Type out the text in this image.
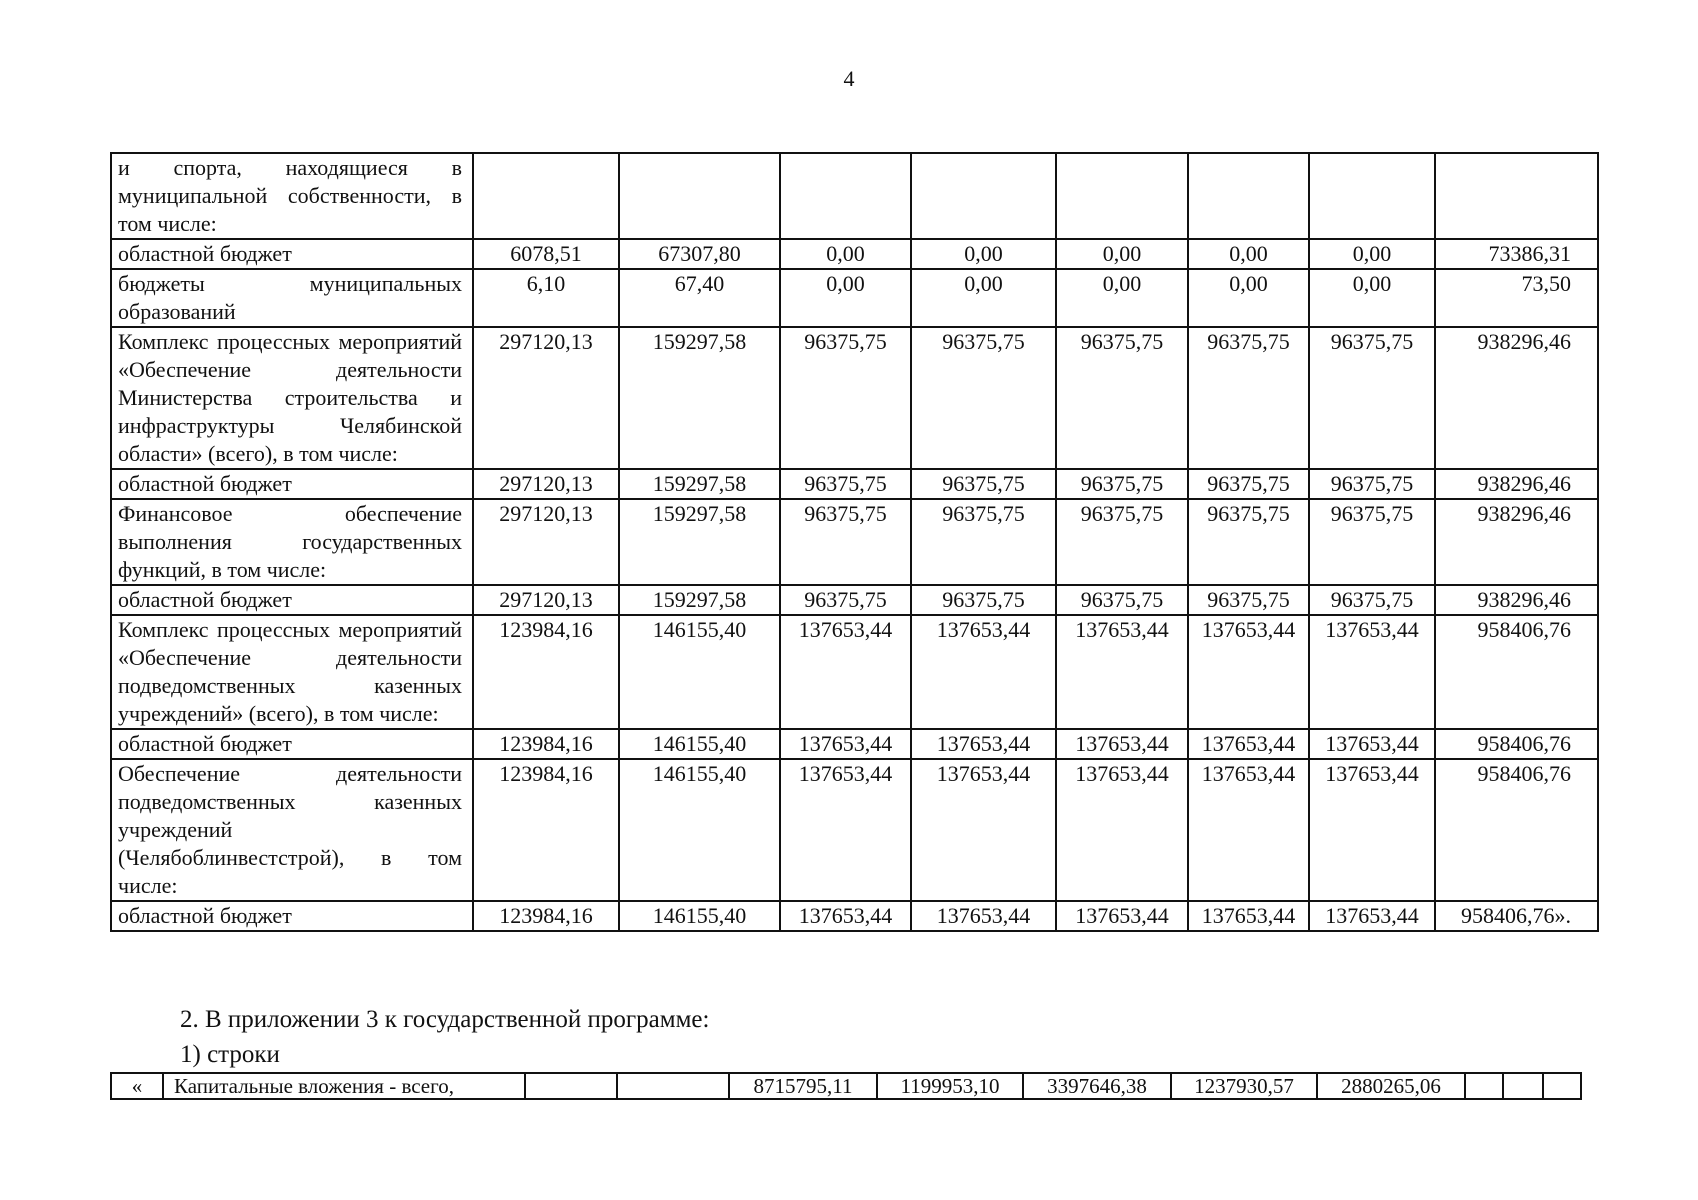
4
и спорта, находящиеся в муниципальной собственности, в том числе:								
областной бюджет	6078,51	67307,80	0,00	0,00	0,00	0,00	0,00	73386,31
бюджеты муниципальных образований	6,10	67,40	0,00	0,00	0,00	0,00	0,00	73,50
Комплекс процессных мероприятий «Обеспечение деятельности Министерства строительства и инфраструктуры Челябинской области» (всего), в том числе:	297120,13	159297,58	96375,75	96375,75	96375,75	96375,75	96375,75	938296,46
областной бюджет	297120,13	159297,58	96375,75	96375,75	96375,75	96375,75	96375,75	938296,46
Финансовое обеспечение выполнения государственных функций, в том числе:	297120,13	159297,58	96375,75	96375,75	96375,75	96375,75	96375,75	938296,46
областной бюджет	297120,13	159297,58	96375,75	96375,75	96375,75	96375,75	96375,75	938296,46
Комплекс процессных мероприятий «Обеспечение деятельности подведомственных казенных учреждений» (всего), в том числе:	123984,16	146155,40	137653,44	137653,44	137653,44	137653,44	137653,44	958406,76
областной бюджет	123984,16	146155,40	137653,44	137653,44	137653,44	137653,44	137653,44	958406,76
Обеспечение деятельности подведомственных казенных учреждений (Челябоблинвестстрой), в том числе:	123984,16	146155,40	137653,44	137653,44	137653,44	137653,44	137653,44	958406,76
областной бюджет	123984,16	146155,40	137653,44	137653,44	137653,44	137653,44	137653,44	958406,76».
2. В приложении 3 к государственной программе:
1) строки
«	Капитальные вложения - всего,			8715795,11	1199953,10	3397646,38	1237930,57	2880265,06			
